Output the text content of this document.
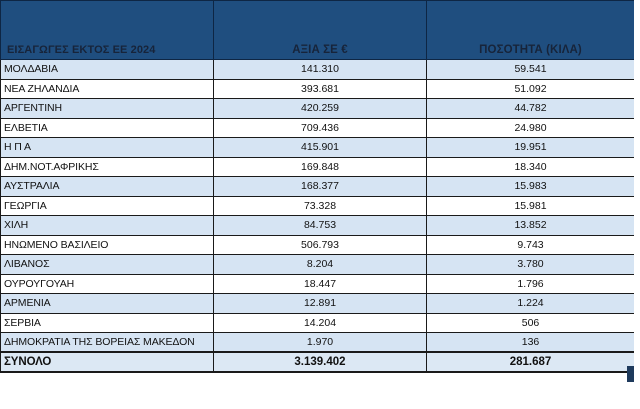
ΕΙΣΑΓΩΓΕΣ ΕΚΤΟΣ ΕΕ 2024	ΑΞΙΑ ΣΕ €	ΠΟΣΟΤΗΤΑ (ΚΙΛΑ)
ΜΟΛΔΑΒΙΑ	141.310	59.541
ΝΕΑ ΖΗΛΑΝΔΙΑ	393.681	51.092
ΑΡΓΕΝΤΙΝΗ	420.259	44.782
ΕΛΒΕΤΙΑ	709.436	24.980
Η Π Α	415.901	19.951
ΔΗΜ.ΝΟΤ.ΑΦΡΙΚΗΣ	169.848	18.340
ΑΥΣΤΡΑΛΙΑ	168.377	15.983
ΓΕΩΡΓΙΑ	73.328	15.981
ΧΙΛΗ	84.753	13.852
ΗΝΩΜΕΝΟ ΒΑΣΙΛΕΙΟ	506.793	9.743
ΛΙΒΑΝΟΣ	8.204	3.780
ΟΥΡΟΥΓΟΥΑΗ	18.447	1.796
ΑΡΜΕΝΙΑ	12.891	1.224
ΣΕΡΒΙΑ	14.204	506
ΔΗΜΟΚΡΑΤΙΑ ΤΗΣ ΒΟΡΕΙΑΣ ΜΑΚΕΔΟΝ	1.970	136
ΣΥΝΟΛΟ	3.139.402	281.687
